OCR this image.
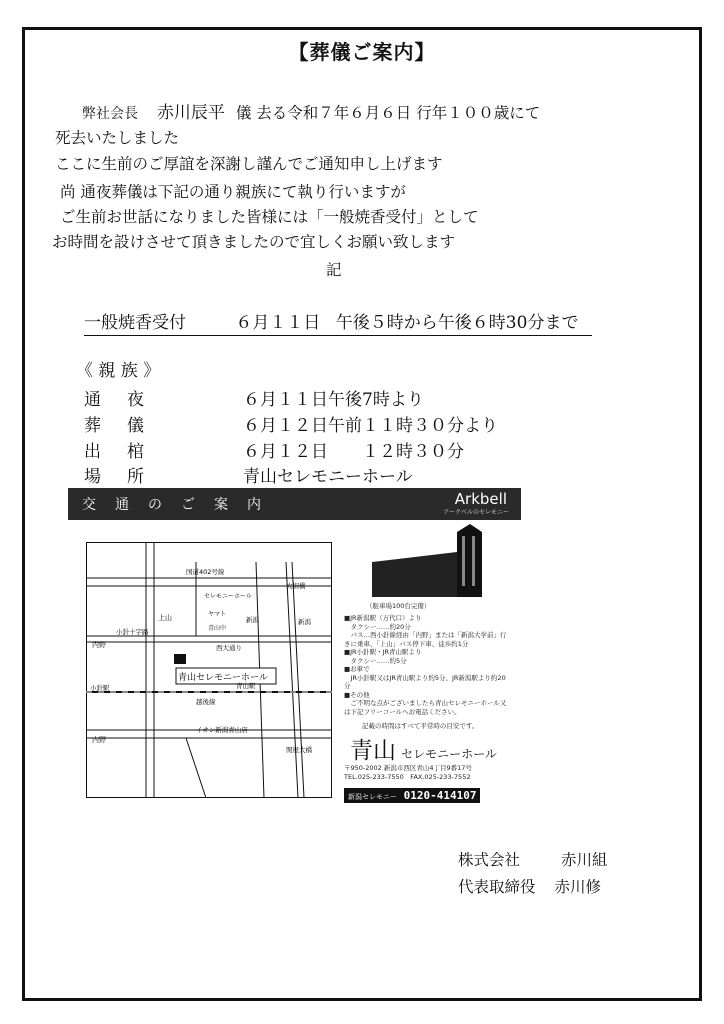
【葬儀ご案内】
弊社会長 赤川辰平 儀 去る令和７年６月６日 行年１００歳にて
死去いたしました
ここに生前のご厚誼を深謝し謹んでご通知申し上げます
尚 通夜葬儀は下記の通り親族にて執り行いますが
ご生前お世話になりました皆様には「一般焼香受付」として
お時間を設けさせて頂きましたので宜しくお願い致します
記
一般焼香受付	６月１１日 午後５時から午後６時30分まで
《 親 族 》
通夜	６月１１日午後7時より
葬儀	６月１２日午前１１時３０分より
出棺	６月１２日　　１２時３０分
場所	青山セレモニーホール
交通のご案内	Arkbell
アークベルのセレモニー
青山セレモニーホール
国道402号線
内野
小針十字路
上山
西大通り
小針駅	青山駅
越後線
内野
イオン新潟青山店
新潟	新潟
関屋大橋
大堀橋
セレモニーホール
ヤマト
青山中
（駐車場100台完備）
■JR新潟駅（万代口）より
　タクシー……約20分
　バス…西小針線経由「内野」または「新潟大学前」行きに乗車、「上山」バス停下車、徒歩約1分
■JR小針駅・JR青山駅より
　タクシー……約5分
■お車で
　JR小針駅又はJR青山駅より約5分、JR新潟駅より約20分
■その他
　ご不明な点がございましたら青山セレモニーホール又は下記フリーコールへお電話ください。
記載の時間はすべて平常時の目安です。
青山 セレモニーホール
〒950-2002 新潟市西区青山4丁目9番17号
TEL.025-233-7550　FAX.025-233-7552
新潟セレモニー 0120-414107
株式会社	赤川組
代表取締役 赤川修
